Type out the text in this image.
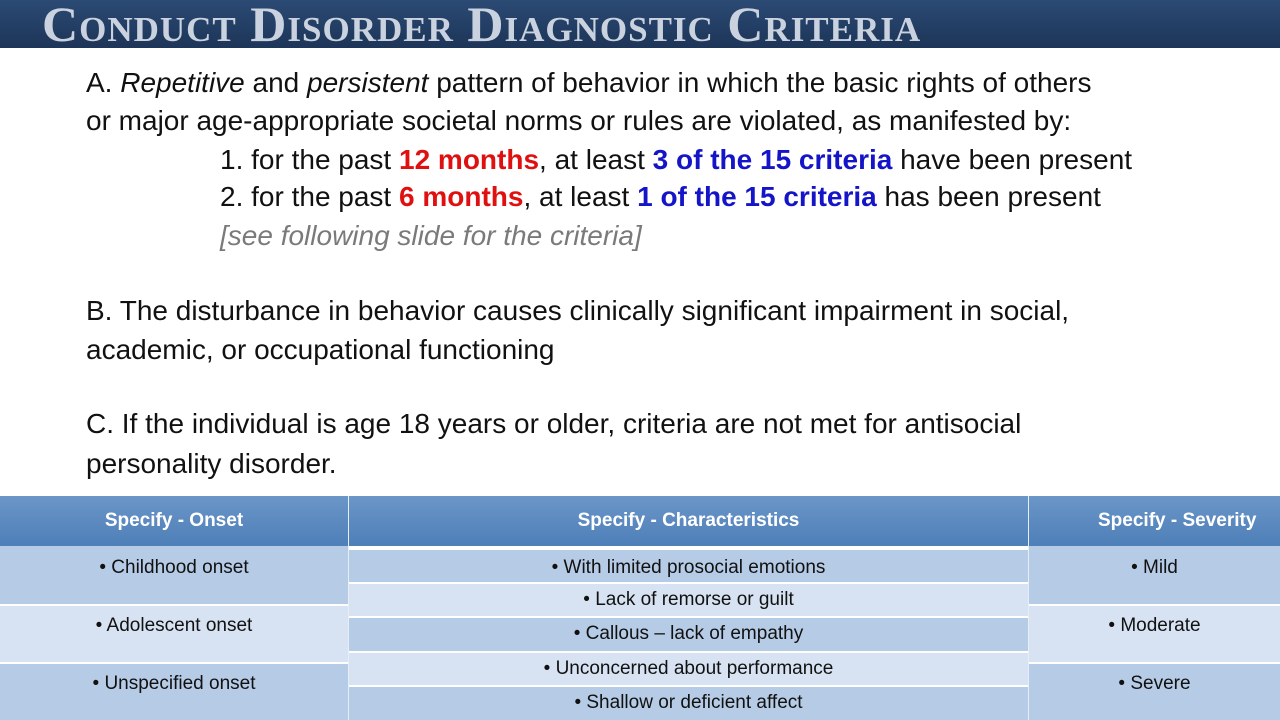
Conduct Disorder Diagnostic Criteria
A. Repetitive and persistent pattern of behavior in which the basic rights of others
or major age-appropriate societal norms or rules are violated, as manifested by:
1. for the past 12 months, at least 3 of the 15 criteria have been present
2. for the past 6 months, at least 1 of the 15 criteria has been present
[see following slide for the criteria]
B. The disturbance in behavior causes clinically significant impairment in social,
academic, or occupational functioning
C. If the individual is age 18 years or older, criteria are not met for antisocial
personality disorder.
Specify - Onset
• Childhood onset
• Adolescent onset
• Unspecified onset
Specify - Characteristics
• With limited prosocial emotions
• Lack of remorse or guilt
• Callous – lack of empathy
• Unconcerned about performance
• Shallow or deficient affect
Specify - Severity
• Mild
• Moderate
• Severe
